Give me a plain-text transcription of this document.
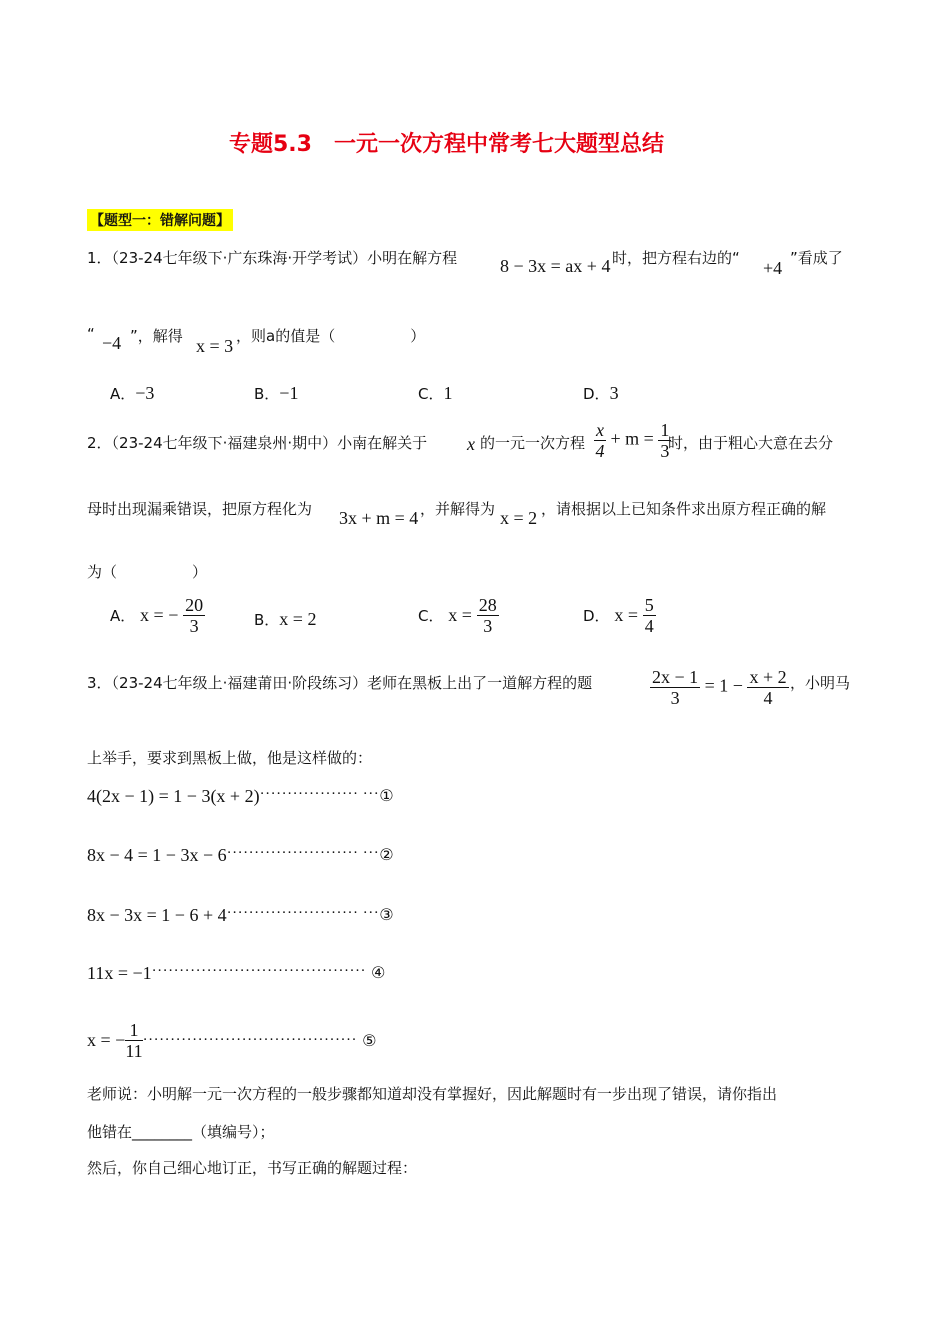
专题5.3　一元一次方程中常考七大题型总结
【题型一：错解问题】
1．（23-24七年级下·广东珠海·开学考试）小明在解方程 8 − 3x = ax + 4 时，把方程右边的“ +4 ”看成了
“ −4 ”，解得 x = 3 ，则a的值是（　　　　　）
A．−3	B．−1	C．1	D．3
2．（23-24七年级下·福建泉州·期中）小南在解关于 x 的一元一次方程 $\frac{x}{4} + m = \frac{1}{3}$
时，由于粗心大意在去分
母时出现漏乘错误，把原方程化为 3x + m = 4 ，并解得为 x = 2 ，请根据以上已知条件求出原方程正确的解
为（　　　　　）
A． x = − $\frac{20}{3}$	B．x = 2	C． $x = \frac{28}{3}$	D． $x = \frac{5}{4}$
3．（23-24七年级上·福建莆田·阶段练习）老师在黑板上出了一道解方程的题	$\frac{2x - 1}{3} = 1 - \frac{x + 2}{4}$ ，小明马
上举手，要求到黑板上做，他是这样做的：
4(2x − 1) = 1 − 3(x + 2)·················· ···①
8x − 4 = 1 − 3x − 6························ ···②
8x − 3x = 1 − 6 + 4························ ···③
11x = −1······································· ④
x = − $\frac{1}{11}$ ······································· ⑤
老师说：小明解一元一次方程的一般步骤都知道却没有掌握好，因此解题时有一步出现了错误，请你指出
他错在________（填编号）；
然后，你自己细心地订正，书写正确的解题过程：
